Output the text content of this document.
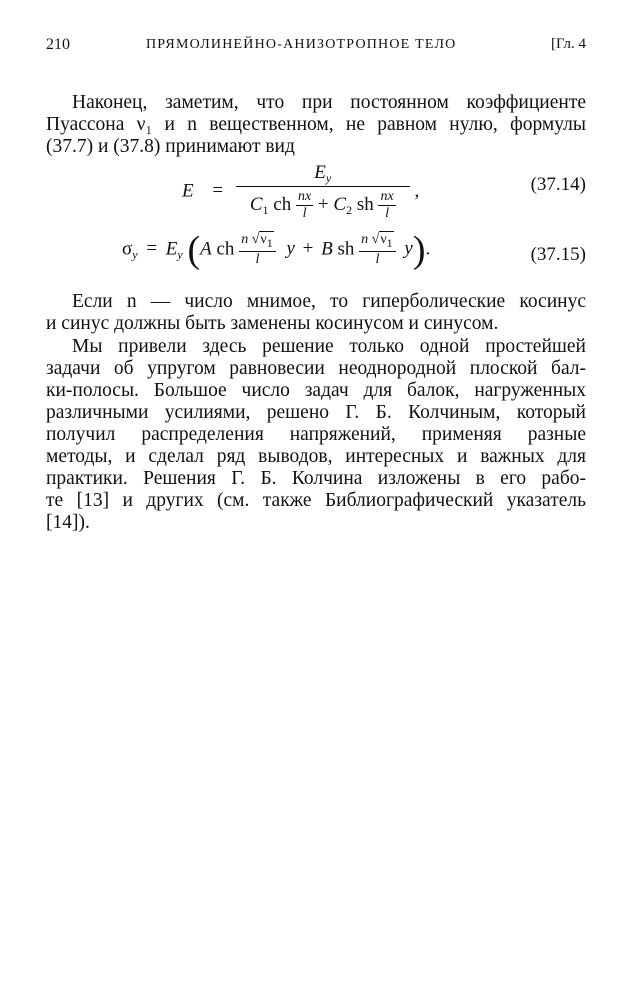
210	ПРЯМОЛИНЕЙНО-АНИЗОТРОПНОЕ ТЕЛО	[Гл. 4
Наконец, заметим, что при постоянном коэффициенте
Пуассона ν₁ и n вещественном, не равном нулю, формулы
(37.7) и (37.8) принимают вид
E =
$E_y$
$C_1$ ch $\frac{nx}{l} + C_2$ sh $\frac{nx}{l}$ ,	(37.14)
$\sigma_y = E_y$ (A ch $\frac{n √\nu 1}{l}$ y + B sh $\frac{n √\nu 1}{l} y$).	(37.15)
Если n — число мнимое, то гиперболические косинус
и синус должны быть заменены косинусом и синусом.
Мы привели здесь решение только одной простейшей
задачи об упругом равновесии неоднородной плоской бал-
ки-полосы. Большое число задач для балок, нагруженных
различными усилиями, решено Г. Б. Колчиным, который
получил распределения напряжений, применяя разные
методы, и сделал ряд выводов, интересных и важных для
практики. Решения Г. Б. Колчина изложены в его рабо-
те [13] и других (см. также Библиографический указатель
[14]).
